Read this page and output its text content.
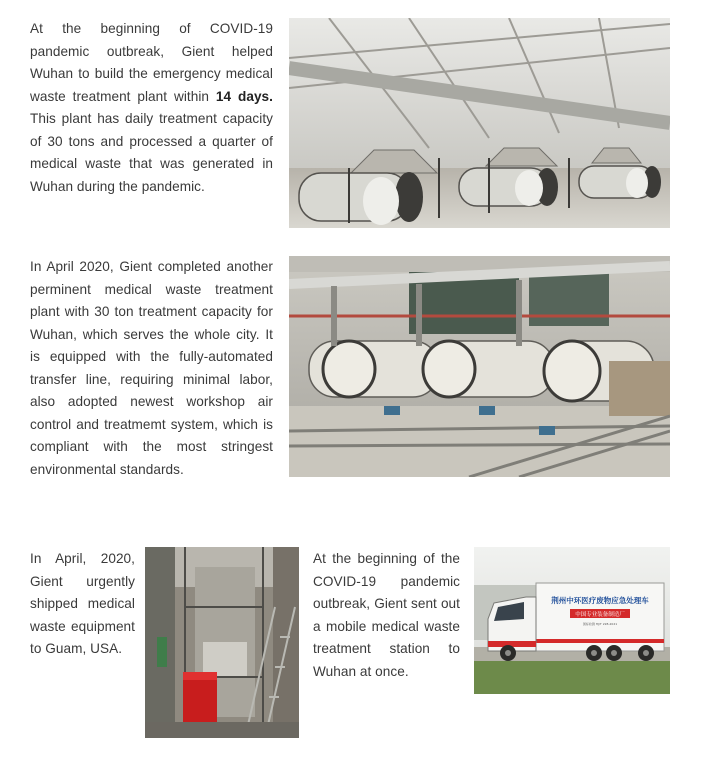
At the beginning of COVID-19 pandemic outbreak, Gient helped Wuhan to build the emergency medical waste treatment plant within 14 days. This plant has daily treatment capacity of 30 tons and processed a quarter of medical waste that was generated in Wuhan during the pandemic.

In April 2020, Gient completed another perminent medical waste treatment plant with 30 ton treatment capacity for Wuhan, which serves the whole city. It is equipped with the fully-automated transfer line, requiring minimal labor, also adopted newest workshop air control and treatmemt system, which is compliant with the most stringest environmental standards.

In April, 2020, Gient urgently shipped medical waste equipment to Guam, USA.

At the beginning of the COVID-19 pandemic outbreak, Gient sent out a mobile medical waste treatment station to Wuhan at once.

荆州中环医疗废物应急处理车
中国专业装备制造厂
国标检测 HJ/T 228-2021
